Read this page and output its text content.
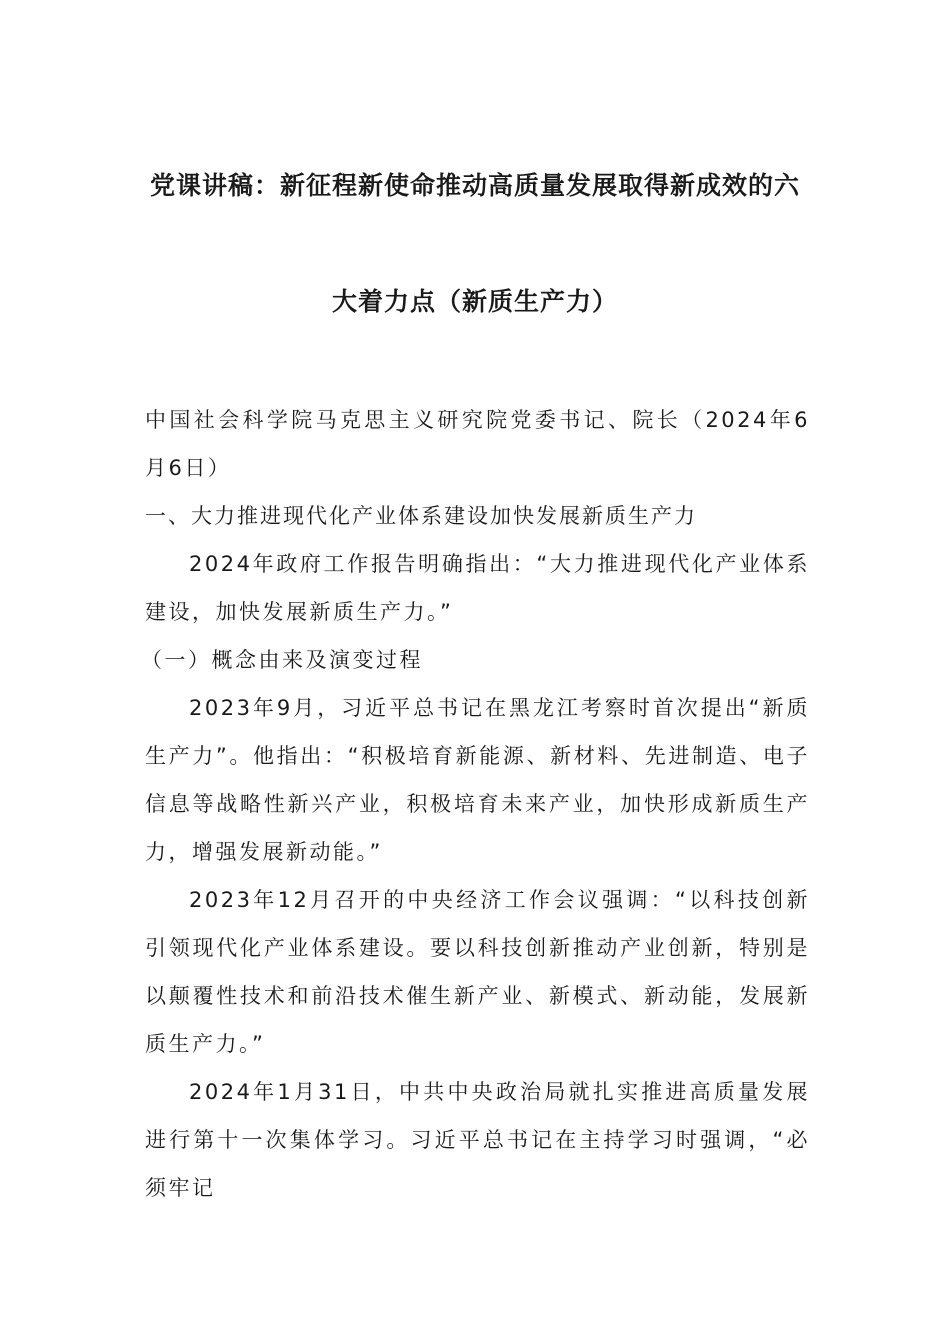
党课讲稿：新征程新使命推动高质量发展取得新成效的六
大着力点（新质生产力）

中国社会科学院马克思主义研究院党委书记、院长（2024年6月6日）

一、大力推进现代化产业体系建设加快发展新质生产力

2024年政府工作报告明确指出：“大力推进现代化产业体系建设，加快发展新质生产力。”

（一）概念由来及演变过程

2023年9月，习近平总书记在黑龙江考察时首次提出“新质生产力”。他指出：“积极培育新能源、新材料、先进制造、电子信息等战略性新兴产业，积极培育未来产业，加快形成新质生产力，增强发展新动能。”

2023年12月召开的中央经济工作会议强调：“以科技创新引领现代化产业体系建设。要以科技创新推动产业创新，特别是以颠覆性技术和前沿技术催生新产业、新模式、新动能，发展新质生产力。”

2024年1月31日，中共中央政治局就扎实推进高质量发展进行第十一次集体学习。习近平总书记在主持学习时强调，“必须牢记
